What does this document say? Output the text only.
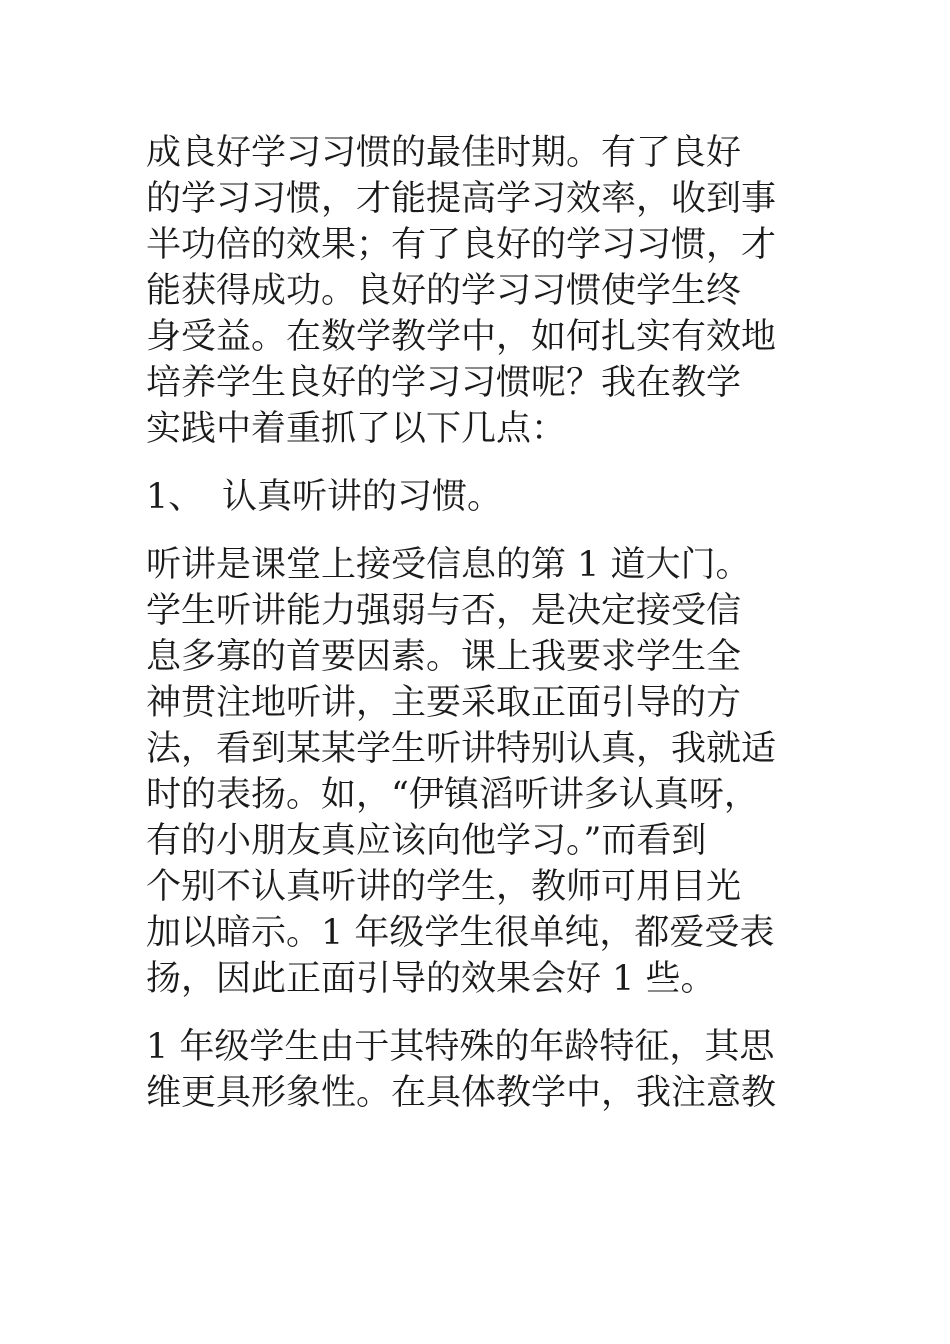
成良好学习习惯的最佳时期。有了良好
的学习习惯，才能提高学习效率，收到事
半功倍的效果；有了良好的学习习惯，才
能获得成功。良好的学习习惯使学生终
身受益。在数学教学中，如何扎实有效地
培养学生良好的学习习惯呢？我在教学
实践中着重抓了以下几点：
1、 认真听讲的习惯。
听讲是课堂上接受信息的第 1 道大门。
学生听讲能力强弱与否，是决定接受信
息多寡的首要因素。课上我要求学生全
神贯注地听讲，主要采取正面引导的方
法，看到某某学生听讲特别认真，我就适
时的表扬。如，“伊镇滔听讲多认真呀，
有的小朋友真应该向他学习。”而看到
个别不认真听讲的学生，教师可用目光
加以暗示。1 年级学生很单纯，都爱受表
扬，因此正面引导的效果会好 1 些。
1 年级学生由于其特殊的年龄特征，其思
维更具形象性。在具体教学中，我注意教
